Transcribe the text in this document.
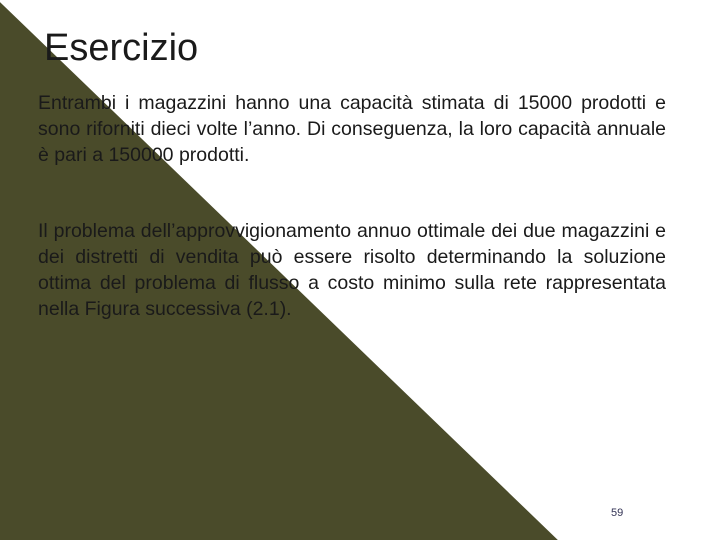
Esercizio

Entrambi i magazzini hanno una capacità stimata di 15000 prodotti e sono riforniti dieci volte l’anno. Di conseguenza, la loro capacità annuale è pari a 150000 prodotti.

Il problema dell’approvvigionamento annuo ottimale dei due magazzini e dei distretti di vendita può essere risolto determinando la soluzione ottima del problema di flusso a costo minimo sulla rete rappresentata nella Figura successiva (2.1).

59
